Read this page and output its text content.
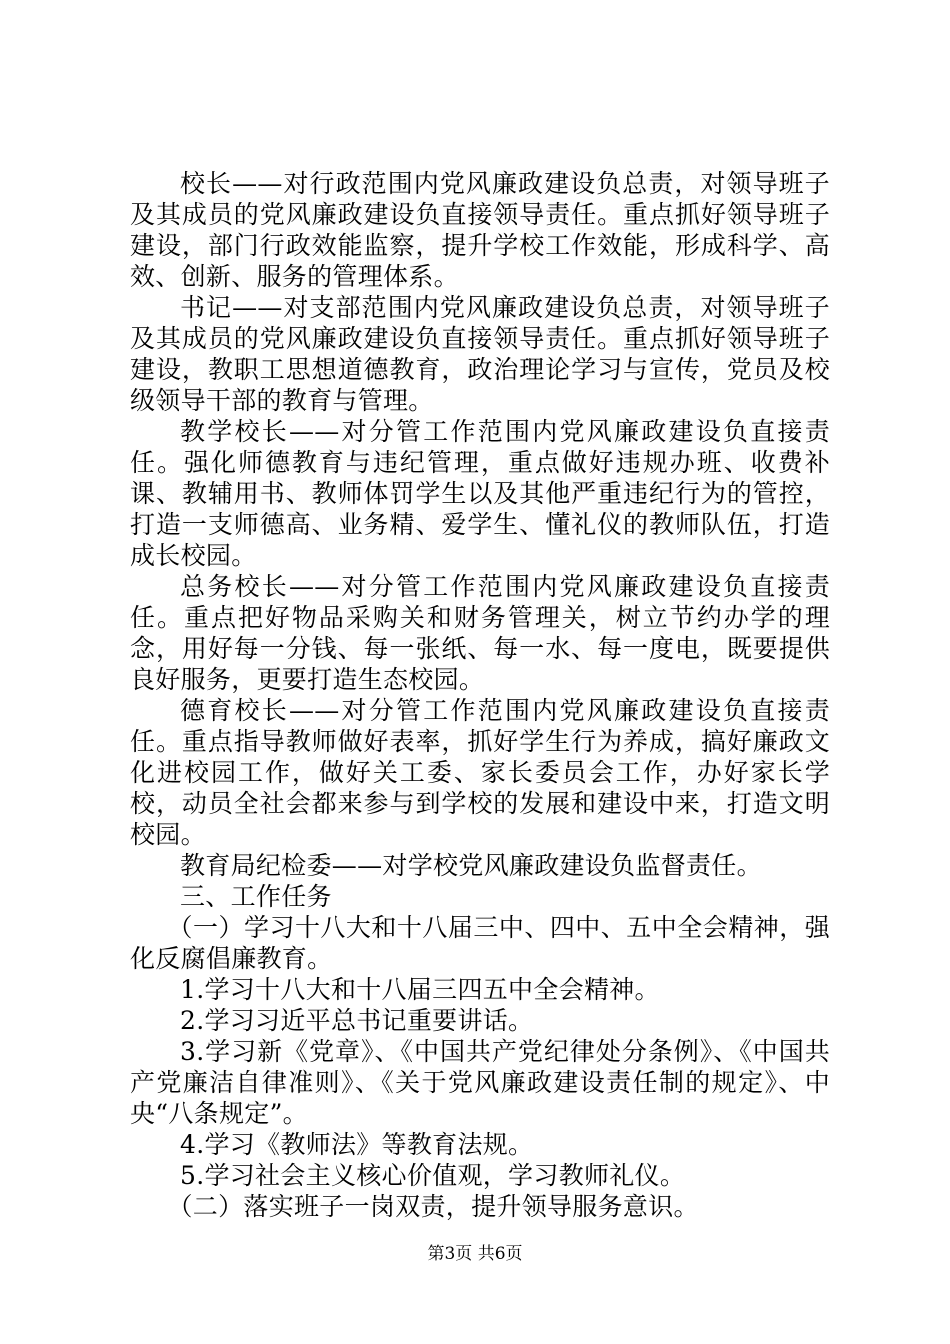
校长——对行政范围内党风廉政建设负总责，对领导班子及其成员的党风廉政建设负直接领导责任。重点抓好领导班子建设，部门行政效能监察，提升学校工作效能，形成科学、高效、创新、服务的管理体系。

书记——对支部范围内党风廉政建设负总责，对领导班子及其成员的党风廉政建设负直接领导责任。重点抓好领导班子建设，教职工思想道德教育，政治理论学习与宣传，党员及校级领导干部的教育与管理。

教学校长——对分管工作范围内党风廉政建设负直接责任。强化师德教育与违纪管理，重点做好违规办班、收费补课、教辅用书、教师体罚学生以及其他严重违纪行为的管控，打造一支师德高、业务精、爱学生、懂礼仪的教师队伍，打造成长校园。

总务校长——对分管工作范围内党风廉政建设负直接责任。重点把好物品采购关和财务管理关，树立节约办学的理念，用好每一分钱、每一张纸、每一水、每一度电，既要提供良好服务，更要打造生态校园。

德育校长——对分管工作范围内党风廉政建设负直接责任。重点指导教师做好表率，抓好学生行为养成，搞好廉政文化进校园工作，做好关工委、家长委员会工作，办好家长学校，动员全社会都来参与到学校的发展和建设中来，打造文明校园。

教育局纪检委——对学校党风廉政建设负监督责任。

三、工作任务

（一）学习十八大和十八届三中、四中、五中全会精神，强化反腐倡廉教育。

1.学习十八大和十八届三四五中全会精神。

2.学习习近平总书记重要讲话。

3.学习新《党章》、《中国共产党纪律处分条例》、《中国共产党廉洁自律准则》、《关于党风廉政建设责任制的规定》、中央“八条规定”。

4.学习《教师法》等教育法规。

5.学习社会主义核心价值观，学习教师礼仪。

（二）落实班子一岗双责，提升领导服务意识。

第3页 共6页
